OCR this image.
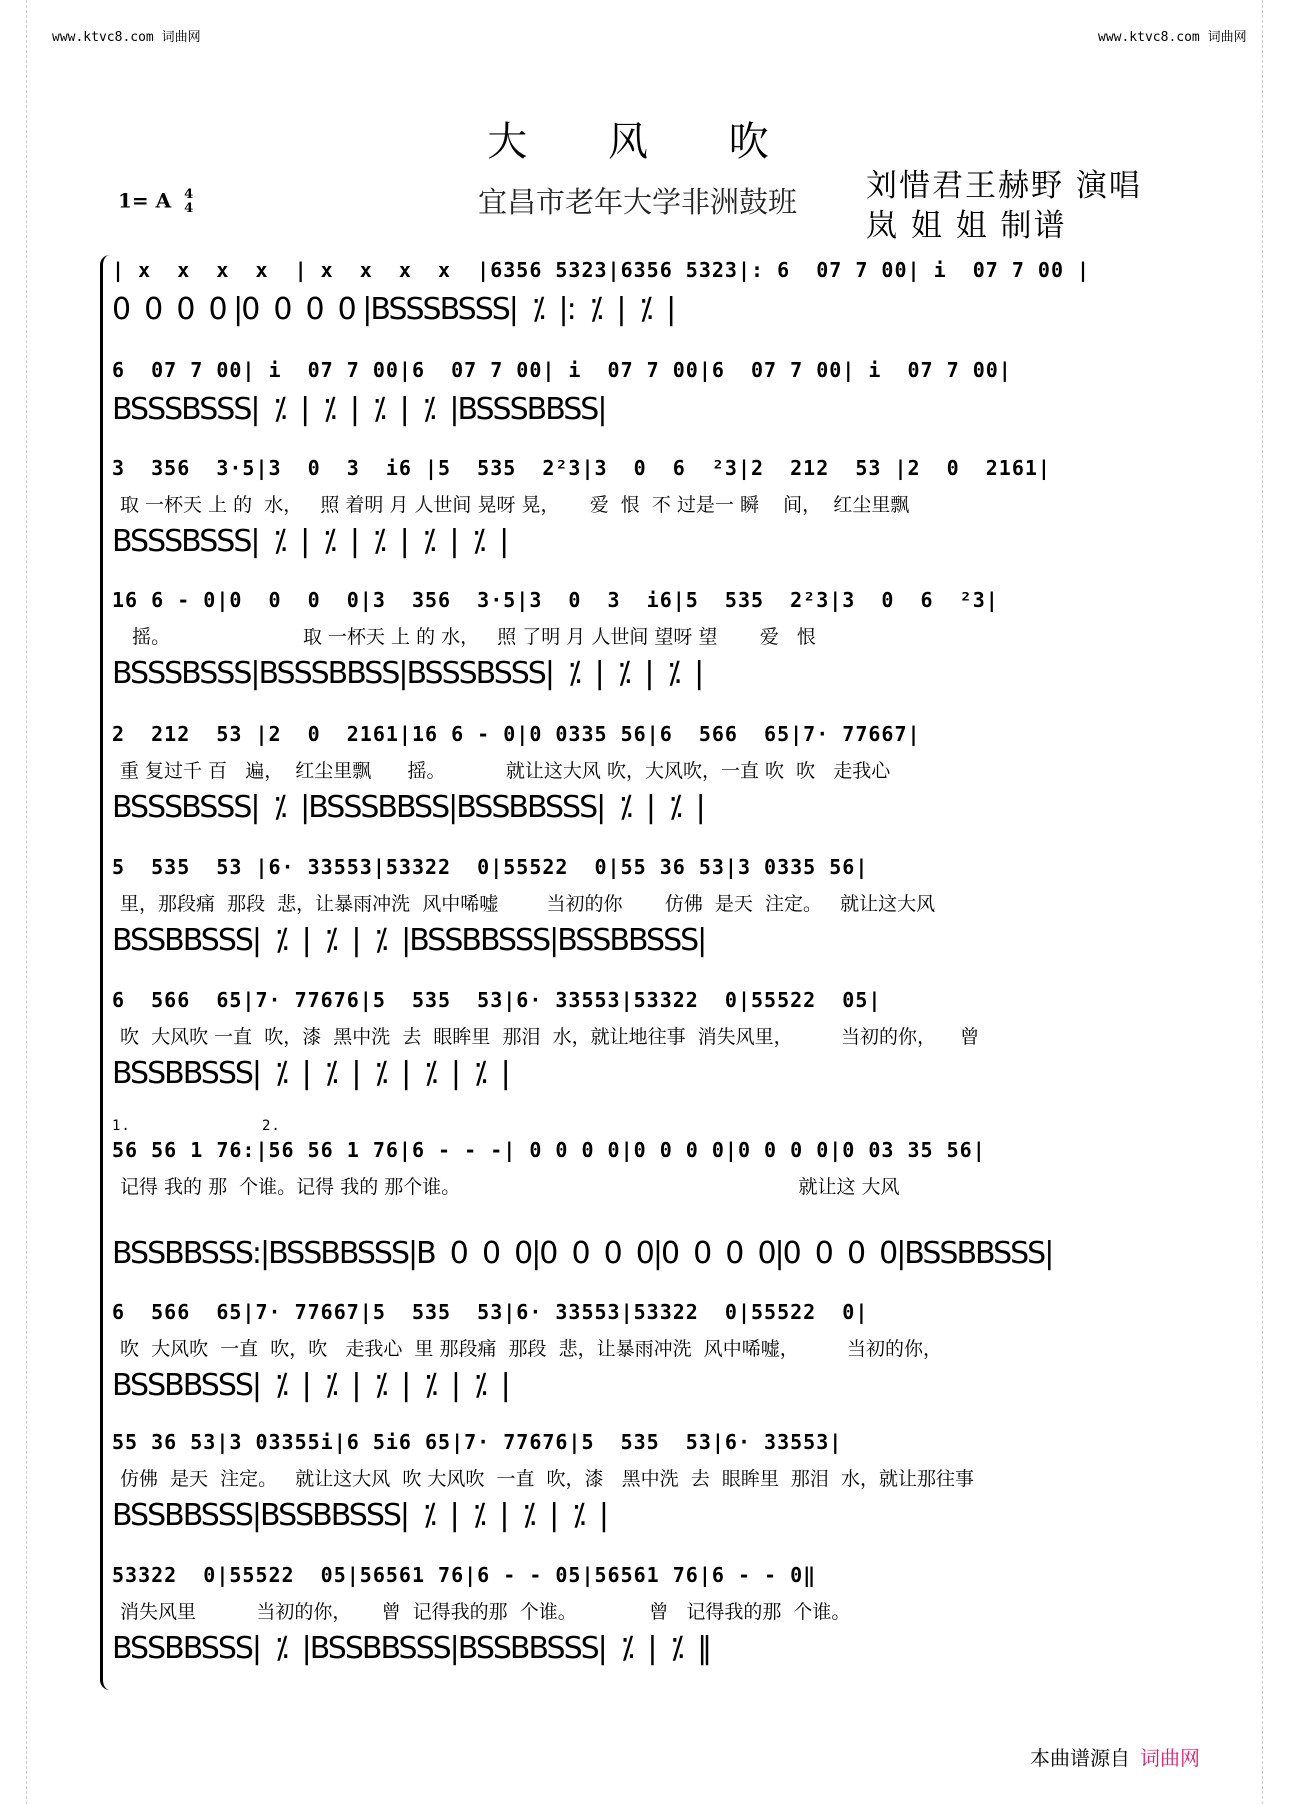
www.ktvc8.com 词曲网	www.ktvc8.com 词曲网
大 风 吹
1= A 4
4	宜昌市老年大学非洲鼓班 刘惜君王赫野 演唱
岚 姐 姐 制谱
| x  x  x  x  | x  x  x  x  |6356 5323|6356 5323|: 6  07 7 00| i  07 7 00 |
0  0  0  0 |0  0  0  0 |BSSSBSSS|  ⁒  |:  ⁒  |  ⁒  |
6  07 7 00| i  07 7 00|6  07 7 00| i  07 7 00|6  07 7 00| i  07 7 00|
BSSSBSSS|  ⁒  |  ⁒  |  ⁒  |  ⁒  |BSSSBBSS|
3  356  3·5|3  0  3  i6 |5  535  2²3|3  0  6  ²3|2  212  53 |2  0  2161|
取 一杯天 上 的  水，   照 着明 月 人世间 晃呀 晃，     爱  恨  不 过是一 瞬    间，  红尘里飘
BSSSBSSS|  ⁒  |  ⁒  |  ⁒  |  ⁒  |  ⁒  |
16 6 - 0|0  0  0  0|3  356  3·5|3  0  3  i6|5  535  2²3|3  0  6  ²3|
摇。                      取 一杯天 上 的 水，   照 了明 月 人世间 望呀 望       爱   恨
BSSSBSSS|BSSSBBSS|BSSSBSSS|  ⁒  |  ⁒  |  ⁒  |
2  212  53 |2  0  2161|16 6 - 0|0 0335 56|6  566  65|7· 77667|
重 复过千 百   遍，  红尘里飘      摇。          就让这大风 吹，大风吹，一直 吹  吹   走我心
BSSSBSSS|  ⁒  |BSSSBBSS|BSSBBSSS|  ⁒  |  ⁒  |
5  535  53 |6· 33553|53322  0|55522  0|55 36 53|3 0335 56|
里，那段痛  那段  悲，让暴雨冲洗  风中唏嘘        当初的你       仿佛  是天  注定。   就让这大风
BSSBBSSS|  ⁒  |  ⁒  |  ⁒  |BSSBBSSS|BSSBBSSS|
6  566  65|7· 77676|5  535  53|6· 33553|53322  0|55522  05|
吹  大风吹 一直  吹，漆  黑中洗  去  眼眸里  那泪  水，就让地往事  消失风里，        当初的你，    曾
BSSBBSSS|  ⁒  |  ⁒  |  ⁒  |  ⁒  |  ⁒  |
1.	2.
56 56 1 76:|56 56 1 76|6 - - -| 0 0 0 0|0 0 0 0|0 0 0 0|0 03 35 56|
记得 我的 那  个谁。记得 我的 那个谁。                                                        就让这 大风
BSSBBSSS:|BSSBBSSS|B  0  0  0|0  0  0  0|0  0  0  0|0  0  0  0|BSSBBSSS|
6  566  65|7· 77667|5  535  53|6· 33553|53322  0|55522  0|
吹  大风吹  一直  吹，吹   走我心  里 那段痛  那段  悲，让暴雨冲洗  风中唏嘘，        当初的你，
BSSBBSSS|  ⁒  |  ⁒  |  ⁒  |  ⁒  |  ⁒  |
55 36 53|3 03355i|6 5i6 65|7· 77676|5  535  53|6· 33553|
仿佛  是天  注定。   就让这大风  吹 大风吹  一直  吹，漆   黑中洗  去  眼眸里  那泪  水，就让那往事
BSSBBSSS|BSSBBSSS|  ⁒  |  ⁒  |  ⁒  |  ⁒  |
53322  0|55522  05|56561 76|6 - - 05|56561 76|6 - - 0‖
消失风里          当初的你，     曾  记得我的那  个谁。            曾   记得我的那  个谁。
BSSBBSSS|  ⁒  |BSSBBSSS|BSSBBSSS|  ⁒  |  ⁒  ‖
本曲谱源自 词曲网
